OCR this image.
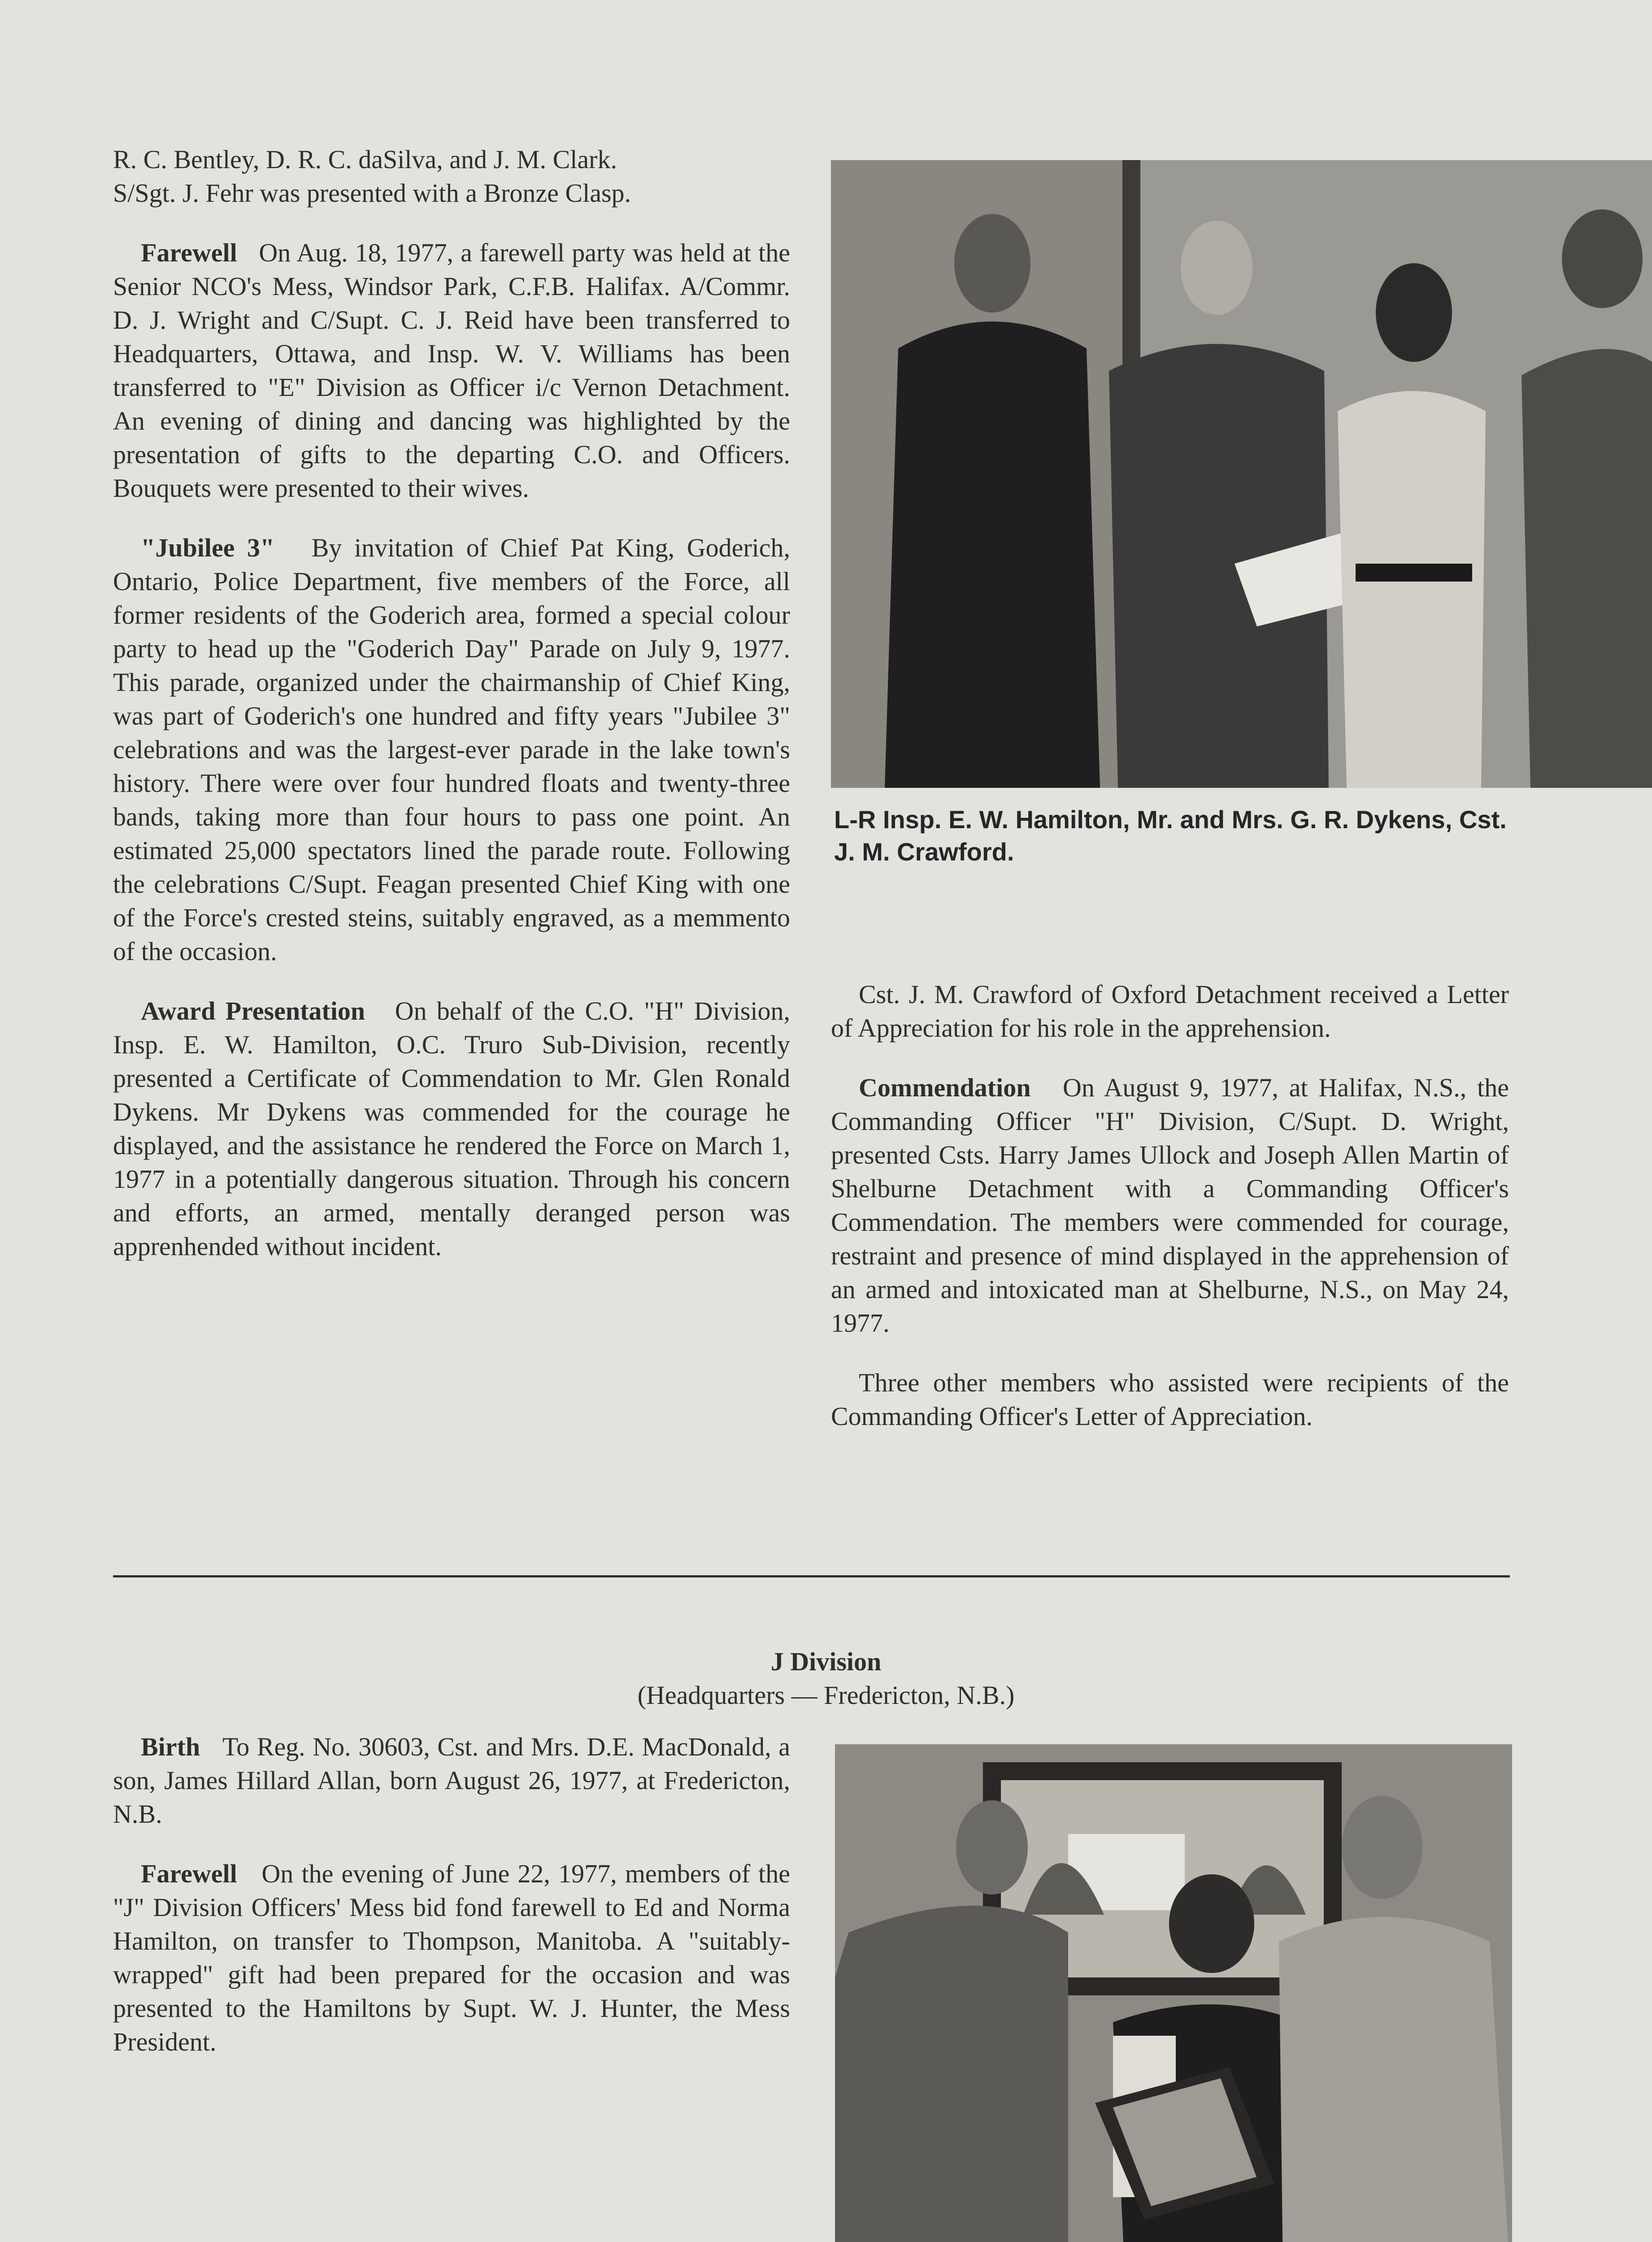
R. C. Bentley, D. R. C. daSilva, and J. M. Clark.

S/Sgt. J. Fehr was presented with a Bronze Clasp.

Farewell On Aug. 18, 1977, a farewell party was held at the Senior NCO's Mess, Windsor Park, C.F.B. Halifax. A/Commr. D. J. Wright and C/Supt. C. J. Reid have been transferred to Headquarters, Ottawa, and Insp. W. V. Williams has been transferred to "E" Division as Officer i/c Vernon Detachment. An evening of dining and dancing was highlighted by the presentation of gifts to the departing C.O. and Officers. Bouquets were presented to their wives.

"Jubilee 3" By invitation of Chief Pat King, Goderich, Ontario, Police Department, five members of the Force, all former residents of the Goderich area, formed a special colour party to head up the "Goderich Day" Parade on July 9, 1977. This parade, organized under the chairmanship of Chief King, was part of Goderich's one hundred and fifty years "Jubilee 3" celebrations and was the largest-ever parade in the lake town's history. There were over four hundred floats and twenty-three bands, taking more than four hours to pass one point. An estimated 25,000 spectators lined the parade route. Following the celebrations C/Supt. Feagan presented Chief King with one of the Force's crested steins, suitably engraved, as a memmento of the occasion.

Award Presentation On behalf of the C.O. "H" Division, Insp. E. W. Hamilton, O.C. Truro Sub-Division, recently presented a Certificate of Commendation to Mr. Glen Ronald Dykens. Mr Dykens was commended for the courage he displayed, and the assistance he rendered the Force on March 1, 1977 in a potentially dangerous situation. Through his concern and efforts, an armed, mentally deranged person was apprenhended without incident.

L-R Insp. E. W. Hamilton, Mr. and Mrs. G. R. Dykens, Cst. J. M. Crawford.

Cst. J. M. Crawford of Oxford Detachment received a Letter of Appreciation for his role in the apprehension.

Commendation On August 9, 1977, at Halifax, N.S., the Commanding Officer "H" Division, C/Supt. D. Wright, presented Csts. Harry James Ullock and Joseph Allen Martin of Shelburne Detachment with a Commanding Officer's Commendation. The members were commended for courage, restraint and presence of mind displayed in the apprehension of an armed and intoxicated man at Shelburne, N.S., on May 24, 1977.

Three other members who assisted were recipients of the Commanding Officer's Letter of Appreciation.

J Division
(Headquarters — Fredericton, N.B.)

Birth To Reg. No. 30603, Cst. and Mrs. D.E. MacDonald, a son, James Hillard Allan, born August 26, 1977, at Fredericton, N.B.

Farewell On the evening of June 22, 1977, members of the "J" Division Officers' Mess bid fond farewell to Ed and Norma Hamilton, on transfer to Thompson, Manitoba. A "suitably-wrapped" gift had been prepared for the occasion and was presented to the Hamiltons by Supt. W. J. Hunter, the Mess President.
